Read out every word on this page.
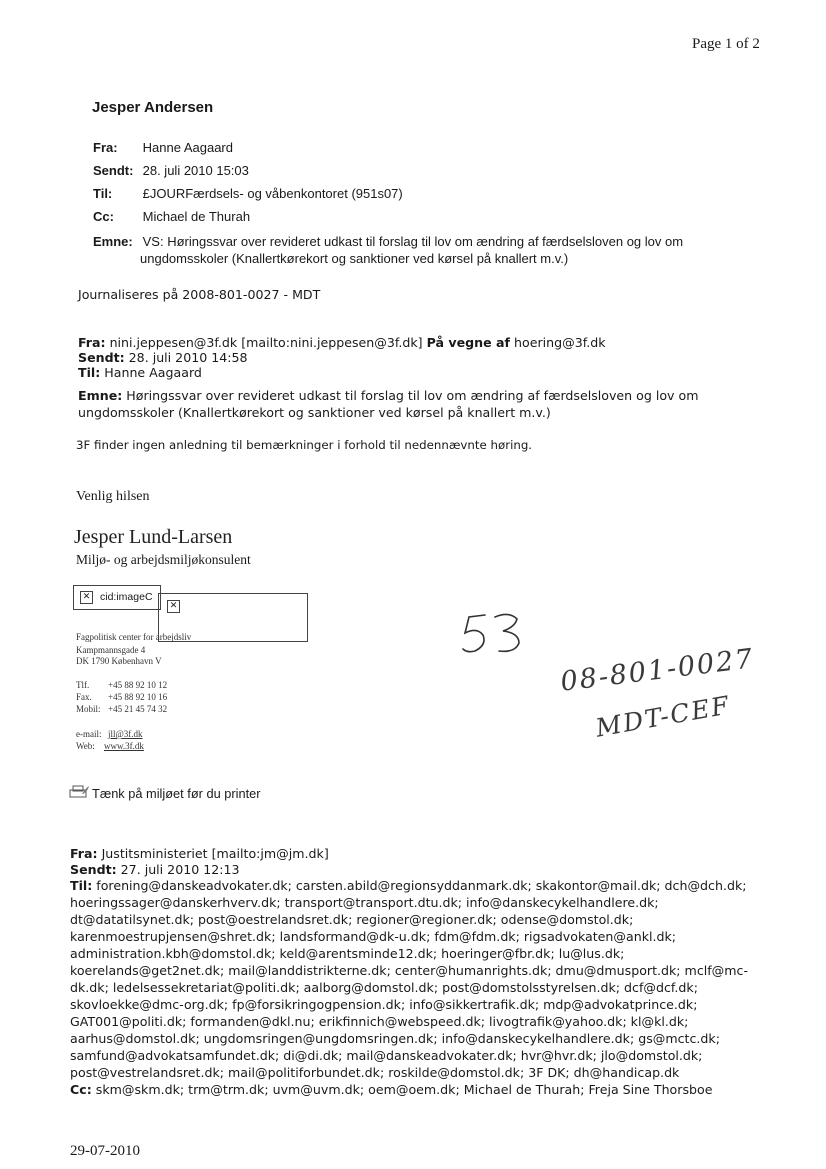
Page 1 of 2
Jesper Andersen
Fra: Hanne Aagaard
Sendt: 28. juli 2010 15:03
Til: £JOURFærdsels- og våbenkontoret (951s07)
Cc: Michael de Thurah
Emne: VS: Høringssvar over revideret udkast til forslag til lov om ændring af færdselsloven og lov om
ungdomsskoler (Knallertkørekort og sanktioner ved kørsel på knallert m.v.)
Journaliseres på 2008-801-0027 - MDT
Fra: nini.jeppesen@3f.dk [mailto:nini.jeppesen@3f.dk] På vegne af hoering@3f.dk
Sendt: 28. juli 2010 14:58
Til: Hanne Aagaard
Emne: Høringssvar over revideret udkast til forslag til lov om ændring af færdselsloven og lov om
ungdomsskoler (Knallertkørekort og sanktioner ved kørsel på knallert m.v.)
3F finder ingen anledning til bemærkninger i forhold til nedennævnte høring.
Venlig hilsen
Jesper Lund-Larsen
Miljø- og arbejdsmiljøkonsulent
✕ cid:imageC
✕
Fagpolitisk center for arbejdsliv
Kampmannsgade 4
DK 1790 København V
Tlf. +45 88 92 10 12
Fax. +45 88 92 10 16
Mobil: +45 21 45 74 32
e-mail: jll@3f.dk
Web: www.3f.dk
Tænk på miljøet før du printer
08-801-0027
MDT-CEF
Fra: Justitsministeriet [mailto:jm@jm.dk]
Sendt: 27. juli 2010 12:13
Til: forening@danskeadvokater.dk; carsten.abild@regionsyddanmark.dk; skakontor@mail.dk; dch@dch.dk;
hoeringssager@danskerhverv.dk; transport@transport.dtu.dk; info@danskecykelhandlere.dk;
dt@datatilsynet.dk; post@oestrelandsret.dk; regioner@regioner.dk; odense@domstol.dk;
karenmoestrupjensen@shret.dk; landsformand@dk-u.dk; fdm@fdm.dk; rigsadvokaten@ankl.dk;
administration.kbh@domstol.dk; keld@arentsminde12.dk; hoeringer@fbr.dk; lu@lus.dk;
koerelands@get2net.dk; mail@landdistrikterne.dk; center@humanrights.dk; dmu@dmusport.dk; mclf@mc-
dk.dk; ledelsessekretariat@politi.dk; aalborg@domstol.dk; post@domstolsstyrelsen.dk; dcf@dcf.dk;
skovloekke@dmc-org.dk; fp@forsikringogpension.dk; info@sikkertrafik.dk; mdp@advokatprince.dk;
GAT001@politi.dk; formanden@dkl.nu; erikfinnich@webspeed.dk; livogtrafik@yahoo.dk; kl@kl.dk;
aarhus@domstol.dk; ungdomsringen@ungdomsringen.dk; info@danskecykelhandlere.dk; gs@mctc.dk;
samfund@advokatsamfundet.dk; di@di.dk; mail@danskeadvokater.dk; hvr@hvr.dk; jlo@domstol.dk;
post@vestrelandsret.dk; mail@politiforbundet.dk; roskilde@domstol.dk; 3F DK; dh@handicap.dk
Cc: skm@skm.dk; trm@trm.dk; uvm@uvm.dk; oem@oem.dk; Michael de Thurah; Freja Sine Thorsboe
29-07-2010
